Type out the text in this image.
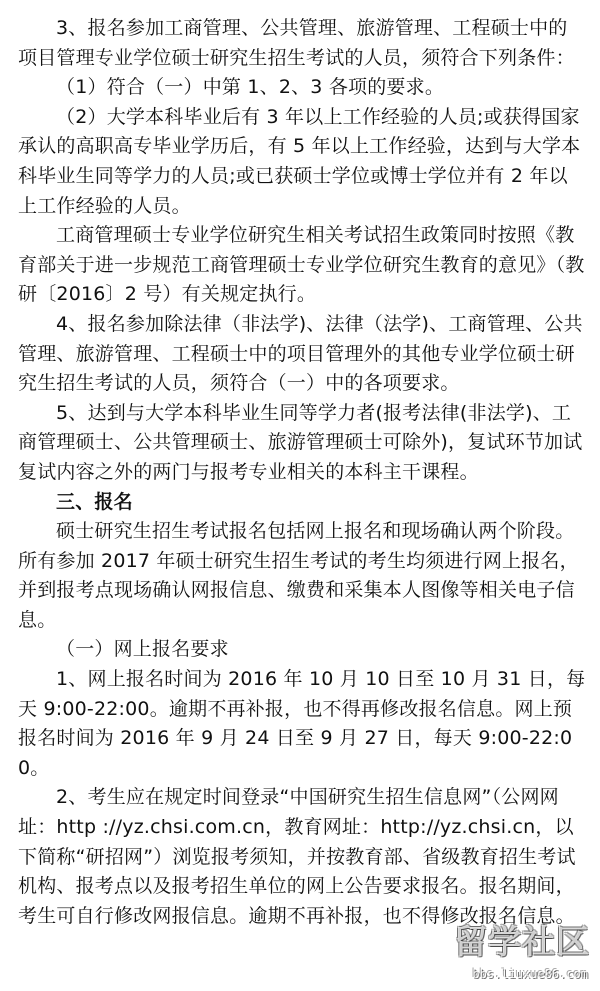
3、报名参加工商管理、公共管理、旅游管理、工程硕士中的项目管理专业学位硕士研究生招生考试的人员，须符合下列条件：

（1）符合（一）中第 1、2、3 各项的要求。

（2）大学本科毕业后有 3 年以上工作经验的人员;或获得国家承认的高职高专毕业学历后，有 5 年以上工作经验，达到与大学本科毕业生同等学力的人员;或已获硕士学位或博士学位并有 2 年以上工作经验的人员。

工商管理硕士专业学位研究生相关考试招生政策同时按照《教育部关于进一步规范工商管理硕士专业学位研究生教育的意见》（教研〔2016〕2 号）有关规定执行。

4、报名参加除法律（非法学)、法律（法学)、工商管理、公共管理、旅游管理、工程硕士中的项目管理外的其他专业学位硕士研究生招生考试的人员，须符合（一）中的各项要求。

5、达到与大学本科毕业生同等学力者(报考法律(非法学)、工商管理硕士、公共管理硕士、旅游管理硕士可除外)，复试环节加试复试内容之外的两门与报考专业相关的本科主干课程。

三、报名

硕士研究生招生考试报名包括网上报名和现场确认两个阶段。所有参加 2017 年硕士研究生招生考试的考生均须进行网上报名，并到报考点现场确认网报信息、缴费和采集本人图像等相关电子信息。

（一）网上报名要求

1、网上报名时间为 2016 年 10 月 10 日至 10 月 31 日，每天 9:00-22:00。逾期不再补报，也不得再修改报名信息。网上预报名时间为 2016 年 9 月 24 日至 9 月 27 日，每天 9:00-22:00。

2、考生应在规定时间登录“中国研究生招生信息网”（公网网址：http ://yz.chsi.com.cn，教育网址：http://yz.chsi.cn，以下简称“研招网”）浏览报考须知，并按教育部、省级教育招生考试机构、报考点以及报考招生单位的网上公告要求报名。报名期间，考生可自行修改网报信息。逾期不再补报，也不得修改报名信息。

留学社区
bbs.liuxue86.com
